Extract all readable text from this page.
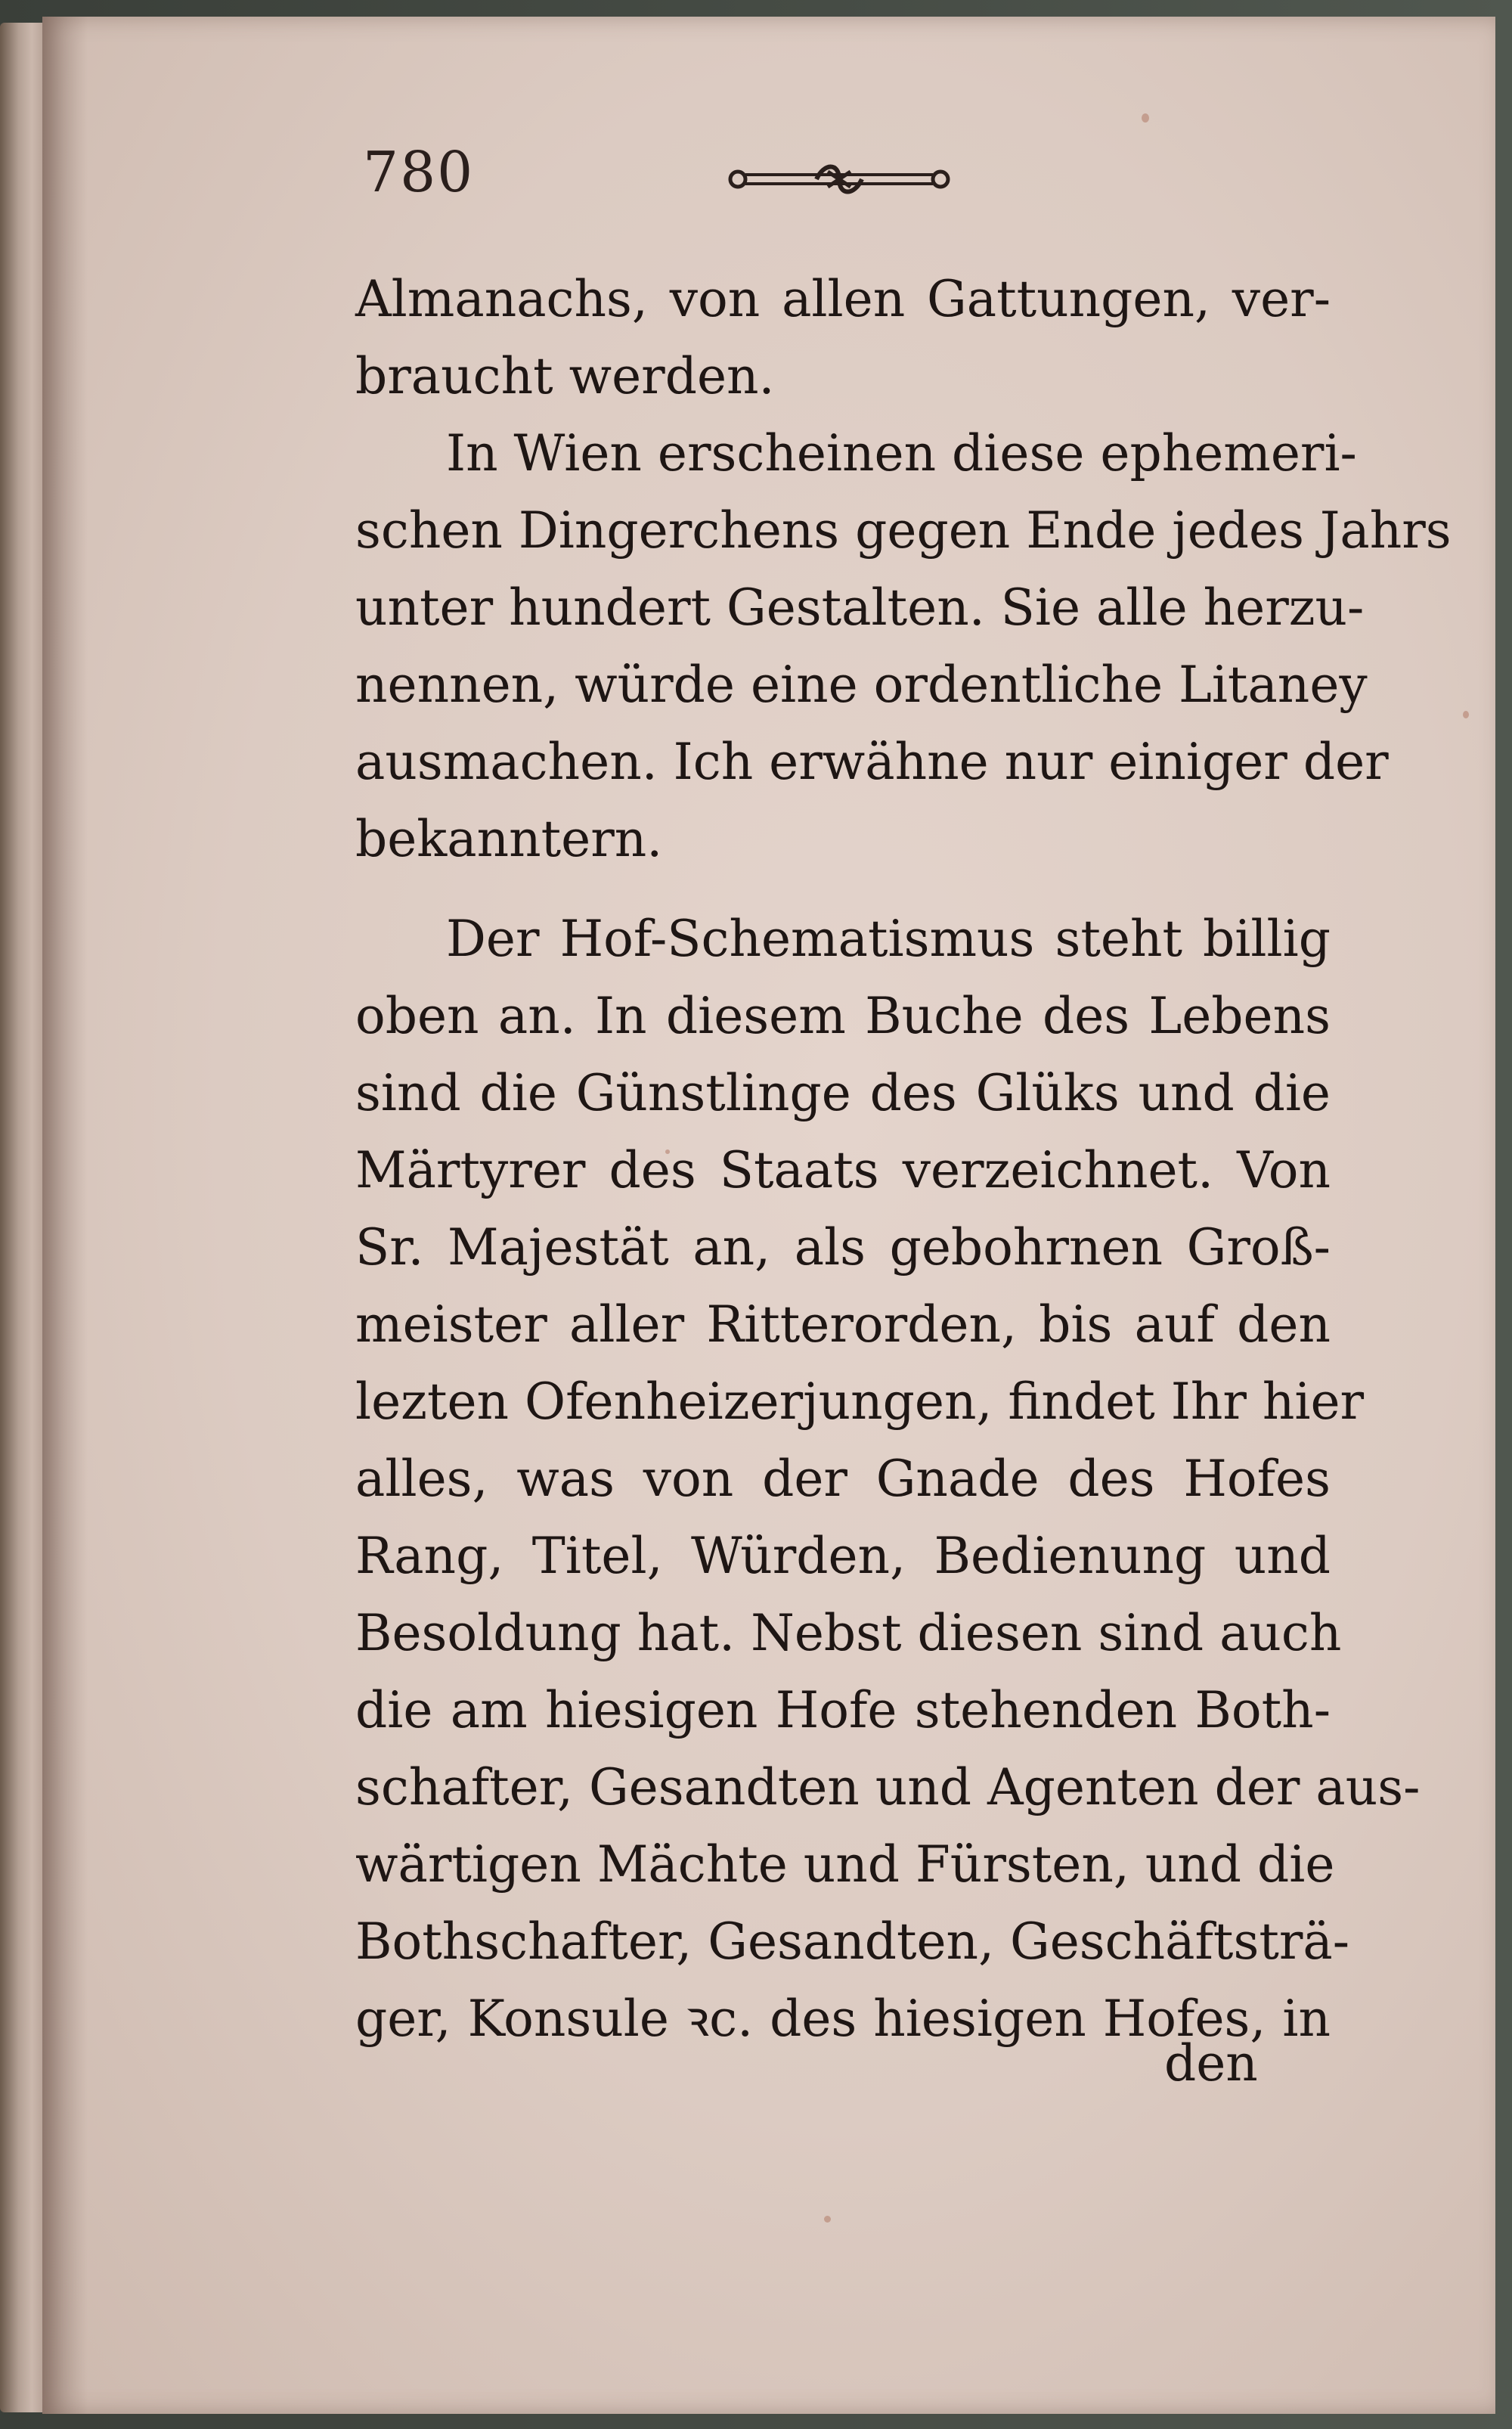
780
Almanachs, von allen Gattungen, ver-
braucht werden.
In Wien erscheinen diese ephemeri-
schen Dingerchens gegen Ende jedes Jahrs
unter hundert Gestalten. Sie alle herzu-
nennen, würde eine ordentliche Litaney
ausmachen. Ich erwähne nur einiger der
bekanntern.
Der Hof-Schematismus steht billig
oben an. In diesem Buche des Lebens
sind die Günstlinge des Glüks und die
Märtyrer des Staats verzeichnet. Von
Sr. Majestät an, als gebohrnen Groß-
meister aller Ritterorden, bis auf den
lezten Ofenheizerjungen, findet Ihr hier
alles, was von der Gnade des Hofes
Rang, Titel, Würden, Bedienung und
Besoldung hat. Nebst diesen sind auch
die am hiesigen Hofe stehenden Both-
schafter, Gesandten und Agenten der aus-
wärtigen Mächte und Fürsten, und die
Bothschafter, Gesandten, Geschäftsträ-
ger, Konsule ꝛc. des hiesigen Hofes, in
den
